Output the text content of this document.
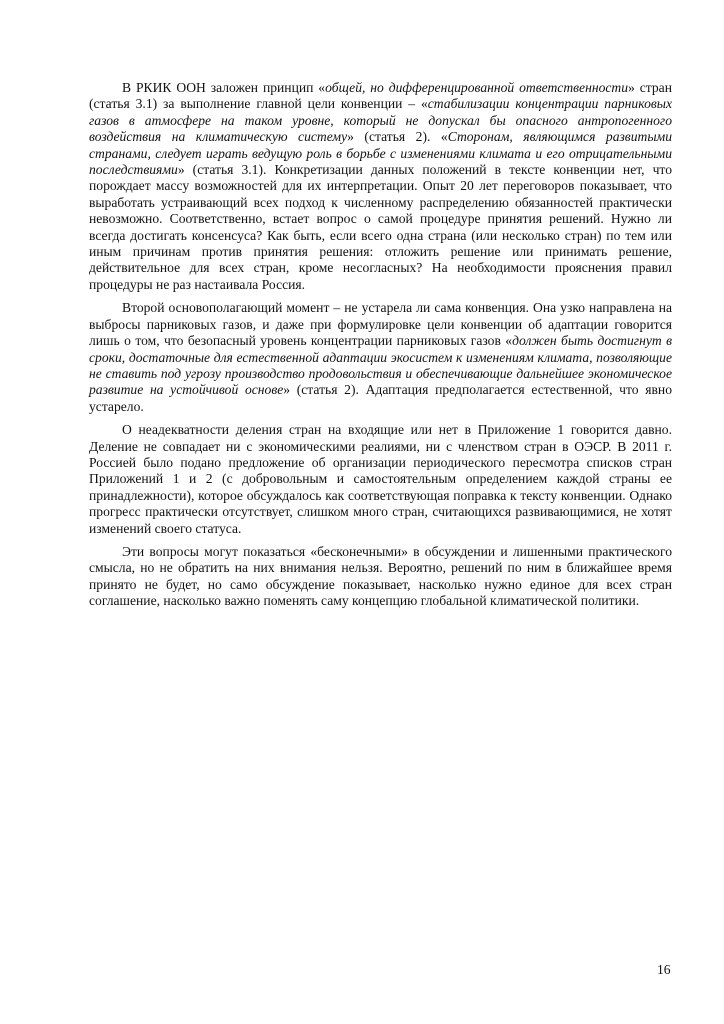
В РКИК ООН заложен принцип «общей, но дифференцированной ответственности» стран (статья 3.1) за выполнение главной цели конвенции – «стабилизации концентрации парниковых газов в атмосфере на таком уровне, который не допускал бы опасного антропогенного воздействия на климатическую систему» (статья 2). «Сторонам, являющимся развитыми странами, следует играть ведущую роль в борьбе с изменениями климата и его отрицательными последствиями» (статья 3.1). Конкретизации данных положений в тексте конвенции нет, что порождает массу возможностей для их интерпретации. Опыт 20 лет переговоров показывает, что выработать устраивающий всех подход к численному распределению обязанностей практически невозможно. Соответственно, встает вопрос о самой процедуре принятия решений. Нужно ли всегда достигать консенсуса? Как быть, если всего одна страна (или несколько стран) по тем или иным причинам против принятия решения: отложить решение или принимать решение, действительное для всех стран, кроме несогласных? На необходимости прояснения правил процедуры не раз настаивала Россия.

Второй основополагающий момент – не устарела ли сама конвенция. Она узко направлена на выбросы парниковых газов, и даже при формулировке цели конвенции об адаптации говорится лишь о том, что безопасный уровень концентрации парниковых газов «должен быть достигнут в сроки, достаточные для естественной адаптации экосистем к изменениям климата, позволяющие не ставить под угрозу производство продовольствия и обеспечивающие дальнейшее экономическое развитие на устойчивой основе» (статья 2). Адаптация предполагается естественной, что явно устарело.

О неадекватности деления стран на входящие или нет в Приложение 1 говорится давно. Деление не совпадает ни с экономическими реалиями, ни с членством стран в ОЭСР. В 2011 г. Россией было подано предложение об организации периодического пересмотра списков стран Приложений 1 и 2 (с добровольным и самостоятельным определением каждой страны ее принадлежности), которое обсуждалось как соответствующая поправка к тексту конвенции. Однако прогресс практически отсутствует, слишком много стран, считающихся развивающимися, не хотят изменений своего статуса.

Эти вопросы могут показаться «бесконечными» в обсуждении и лишенными практического смысла, но не обратить на них внимания нельзя. Вероятно, решений по ним в ближайшее время принято не будет, но само обсуждение показывает, насколько нужно единое для всех стран соглашение, насколько важно поменять саму концепцию глобальной климатической политики.

16
